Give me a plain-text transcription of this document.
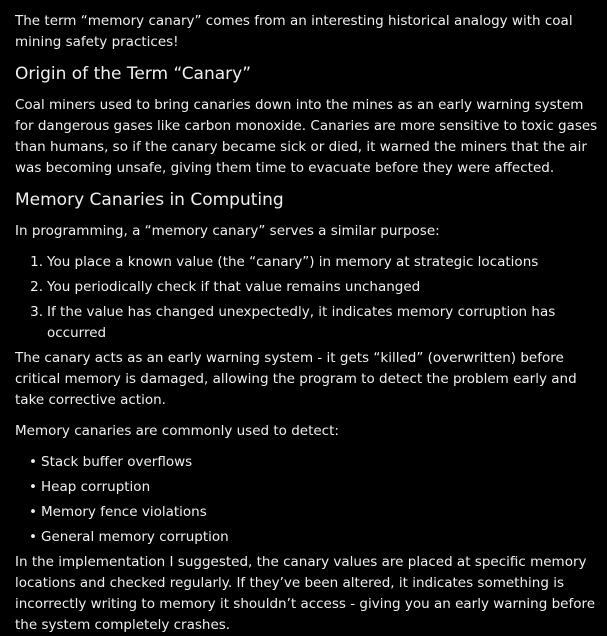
The term “memory canary” comes from an interesting historical analogy with coal mining safety practices!

Origin of the Term “Canary”

Coal miners used to bring canaries down into the mines as an early warning system for dangerous gases like carbon monoxide. Canaries are more sensitive to toxic gases than humans, so if the canary became sick or died, it warned the miners that the air was becoming unsafe, giving them time to evacuate before they were affected.

Memory Canaries in Computing

In programming, a “memory canary” serves a similar purpose:

1. You place a known value (the “canary”) in memory at strategic locations
2. You periodically check if that value remains unchanged
3. If the value has changed unexpectedly, it indicates memory corruption has occurred

The canary acts as an early warning system - it gets “killed” (overwritten) before critical memory is damaged, allowing the program to detect the problem early and take corrective action.

Memory canaries are commonly used to detect:

• Stack buffer overflows
• Heap corruption
• Memory fence violations
• General memory corruption

In the implementation I suggested, the canary values are placed at specific memory locations and checked regularly. If they’ve been altered, it indicates something is incorrectly writing to memory it shouldn’t access - giving you an early warning before the system completely crashes.
